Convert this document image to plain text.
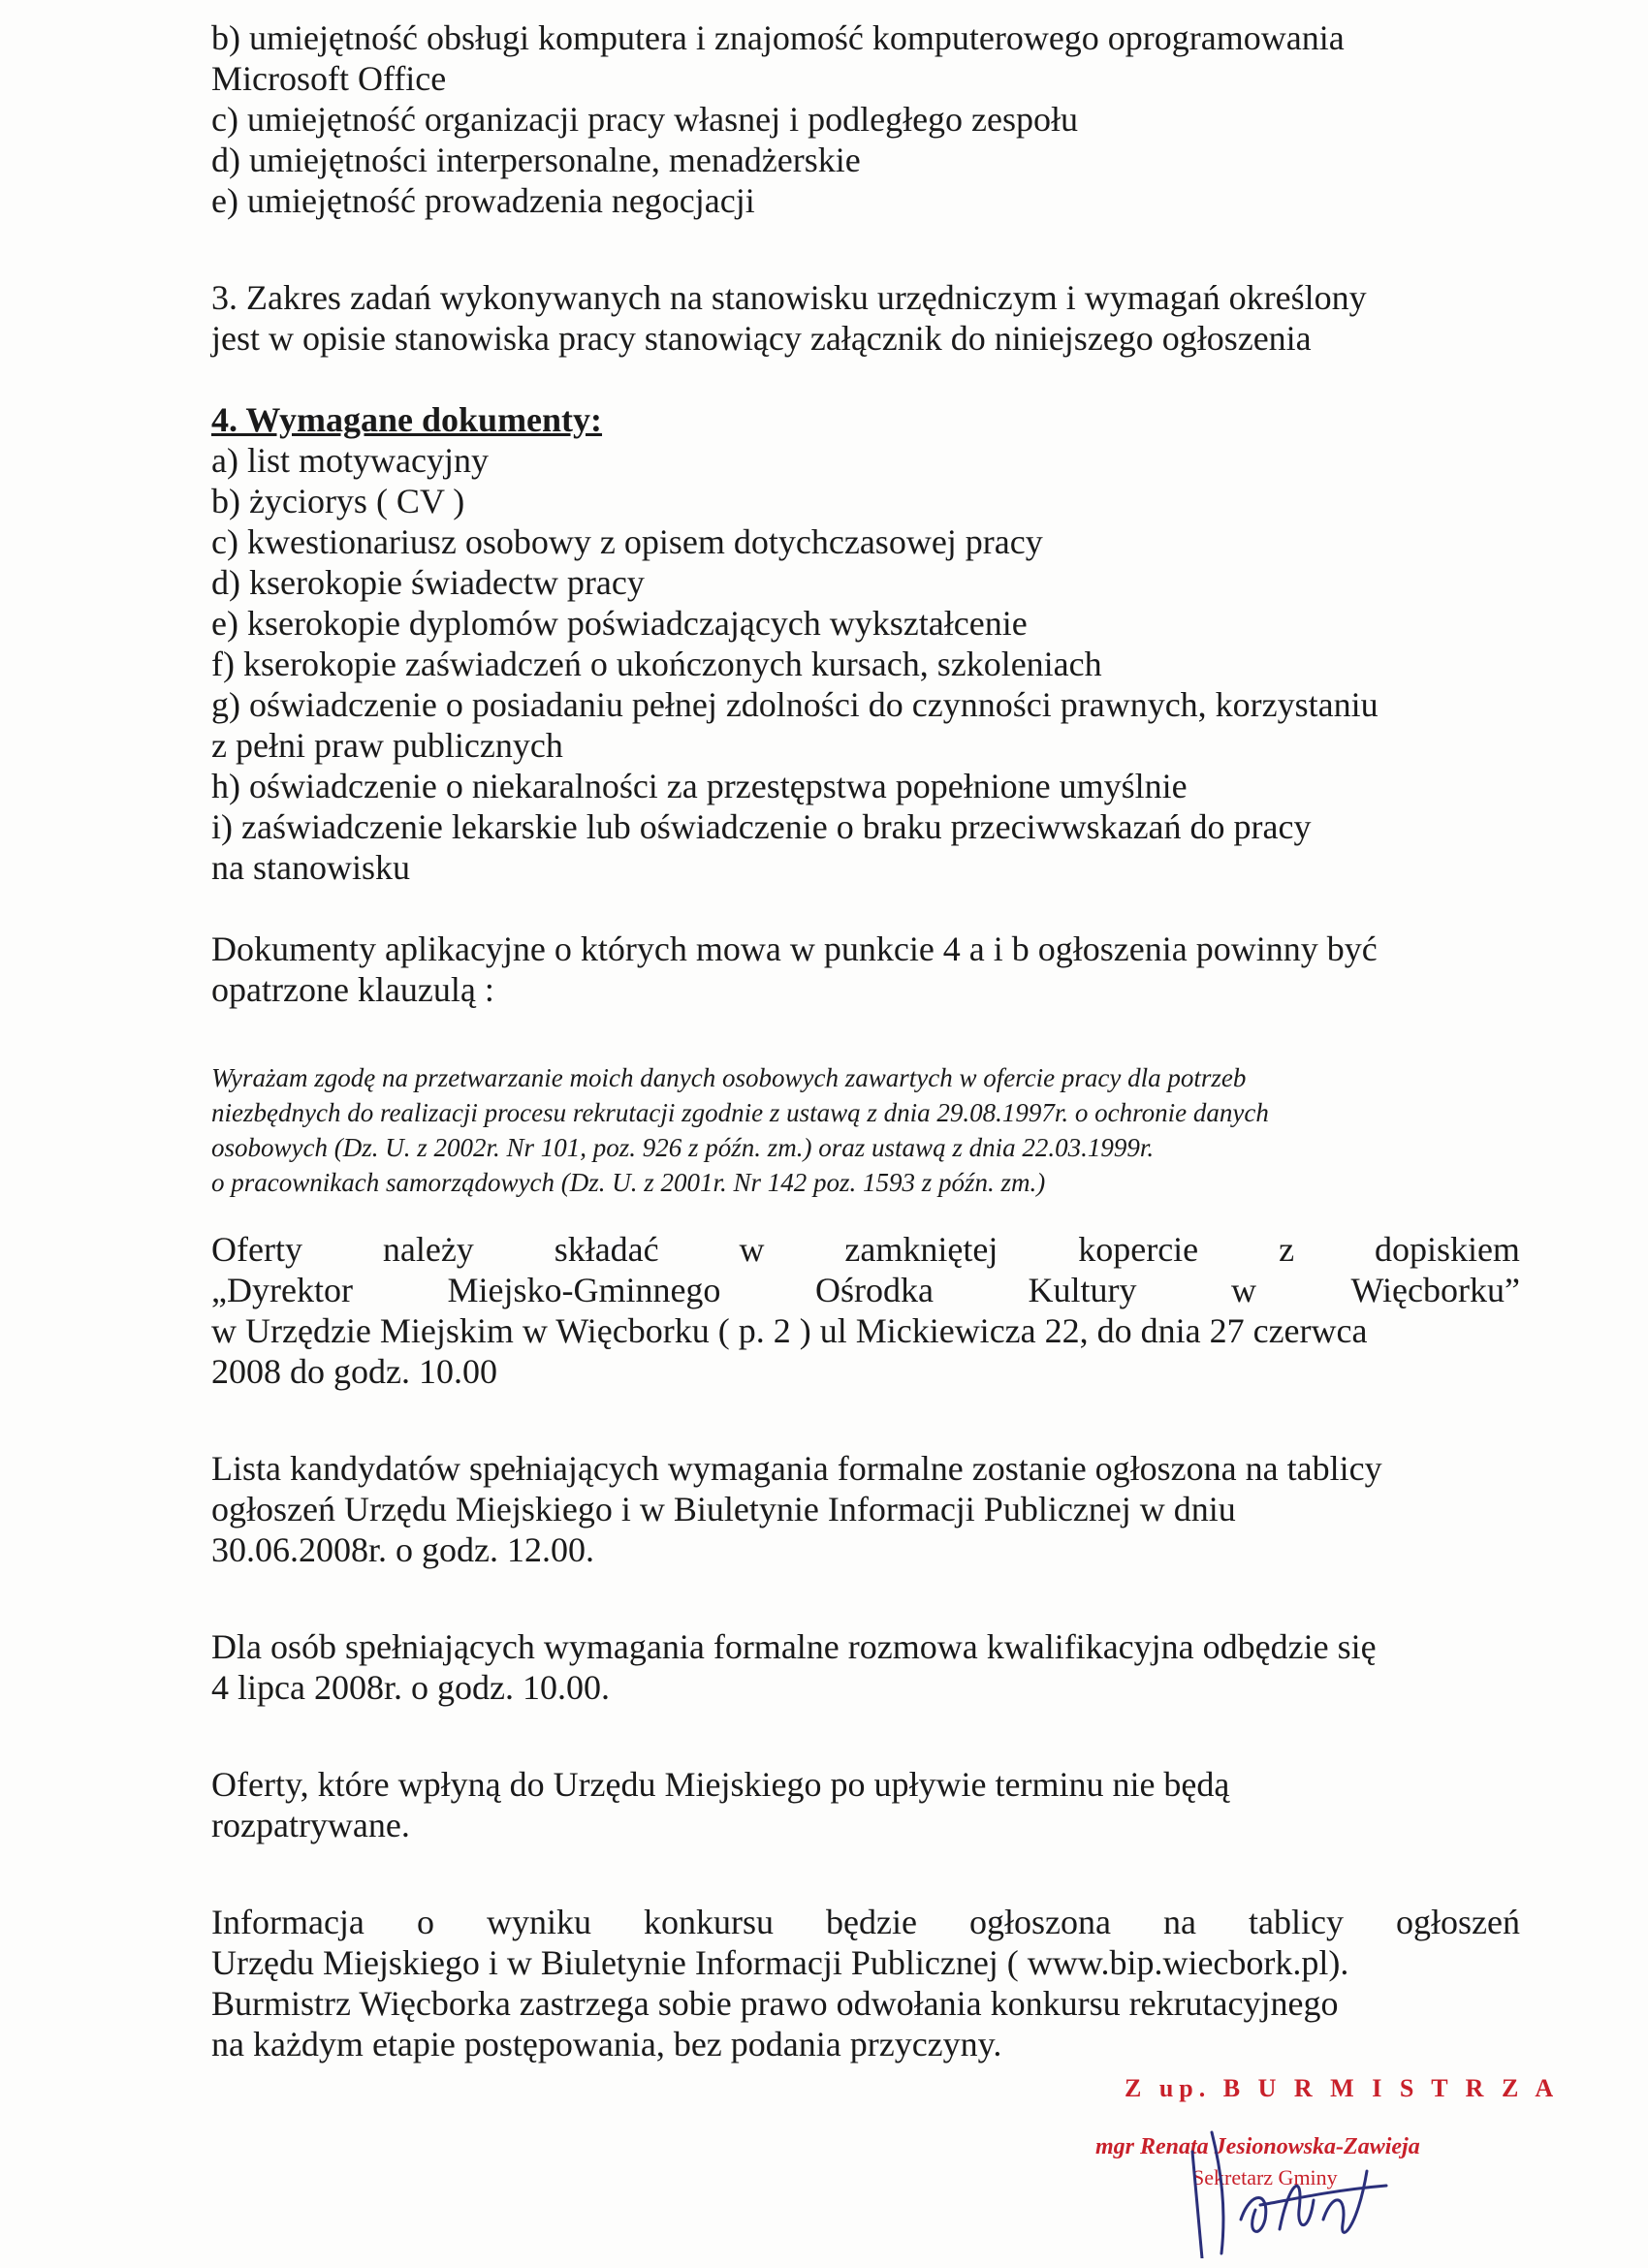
b) umiejętność obsługi komputera i znajomość komputerowego oprogramowania
Microsoft Office
c) umiejętność organizacji pracy własnej i podległego zespołu
d) umiejętności interpersonalne, menadżerskie
e) umiejętność prowadzenia negocjacji
3. Zakres zadań wykonywanych na stanowisku urzędniczym i wymagań określony
jest w opisie stanowiska pracy stanowiący załącznik do niniejszego ogłoszenia
4. Wymagane dokumenty:
a) list motywacyjny
b) życiorys ( CV )
c) kwestionariusz osobowy z opisem dotychczasowej pracy
d) kserokopie świadectw pracy
e) kserokopie dyplomów poświadczających wykształcenie
f) kserokopie zaświadczeń o ukończonych kursach, szkoleniach
g) oświadczenie o posiadaniu pełnej zdolności do czynności prawnych, korzystaniu
z pełni praw publicznych
h) oświadczenie o niekaralności za przestępstwa popełnione umyślnie
i) zaświadczenie lekarskie lub oświadczenie o braku przeciwwskazań do pracy
na stanowisku
Dokumenty aplikacyjne o których mowa w punkcie 4 a i b ogłoszenia powinny być
opatrzone klauzulą :
Wyrażam zgodę na przetwarzanie moich danych osobowych zawartych w ofercie pracy dla potrzeb
niezbędnych do realizacji procesu rekrutacji zgodnie z ustawą z dnia 29.08.1997r. o ochronie danych
osobowych (Dz. U. z 2002r. Nr 101, poz. 926 z późn. zm.) oraz ustawą z dnia 22.03.1999r.
o pracownikach samorządowych (Dz. U. z 2001r. Nr 142 poz. 1593 z późn. zm.)
Oferty należy składać w zamkniętej kopercie z dopiskiem
„Dyrektor	Miejsko-Gminnego	Ośrodka	Kultury	w	Więcborku”
w Urzędzie Miejskim w Więcborku ( p. 2 ) ul Mickiewicza 22, do dnia 27 czerwca
2008 do godz. 10.00
Lista kandydatów spełniających wymagania formalne zostanie ogłoszona na tablicy
ogłoszeń Urzędu Miejskiego i w Biuletynie Informacji Publicznej w dniu
30.06.2008r. o godz. 12.00.
Dla osób spełniających wymagania formalne rozmowa kwalifikacyjna odbędzie się
4 lipca 2008r. o godz. 10.00.
Oferty, które wpłyną do Urzędu Miejskiego po upływie terminu nie będą
rozpatrywane.
Informacja o wyniku konkursu będzie ogłoszona na tablicy ogłoszeń
Urzędu Miejskiego i w Biuletynie Informacji Publicznej ( www.bip.wiecbork.pl).
Burmistrz Więcborka zastrzega sobie prawo odwołania konkursu rekrutacyjnego
na każdym etapie postępowania, bez podania przyczyny.
Z up. B U R M I S T R Z A
mgr Renata Jesionowska-Zawieja
Sekretarz Gminy
